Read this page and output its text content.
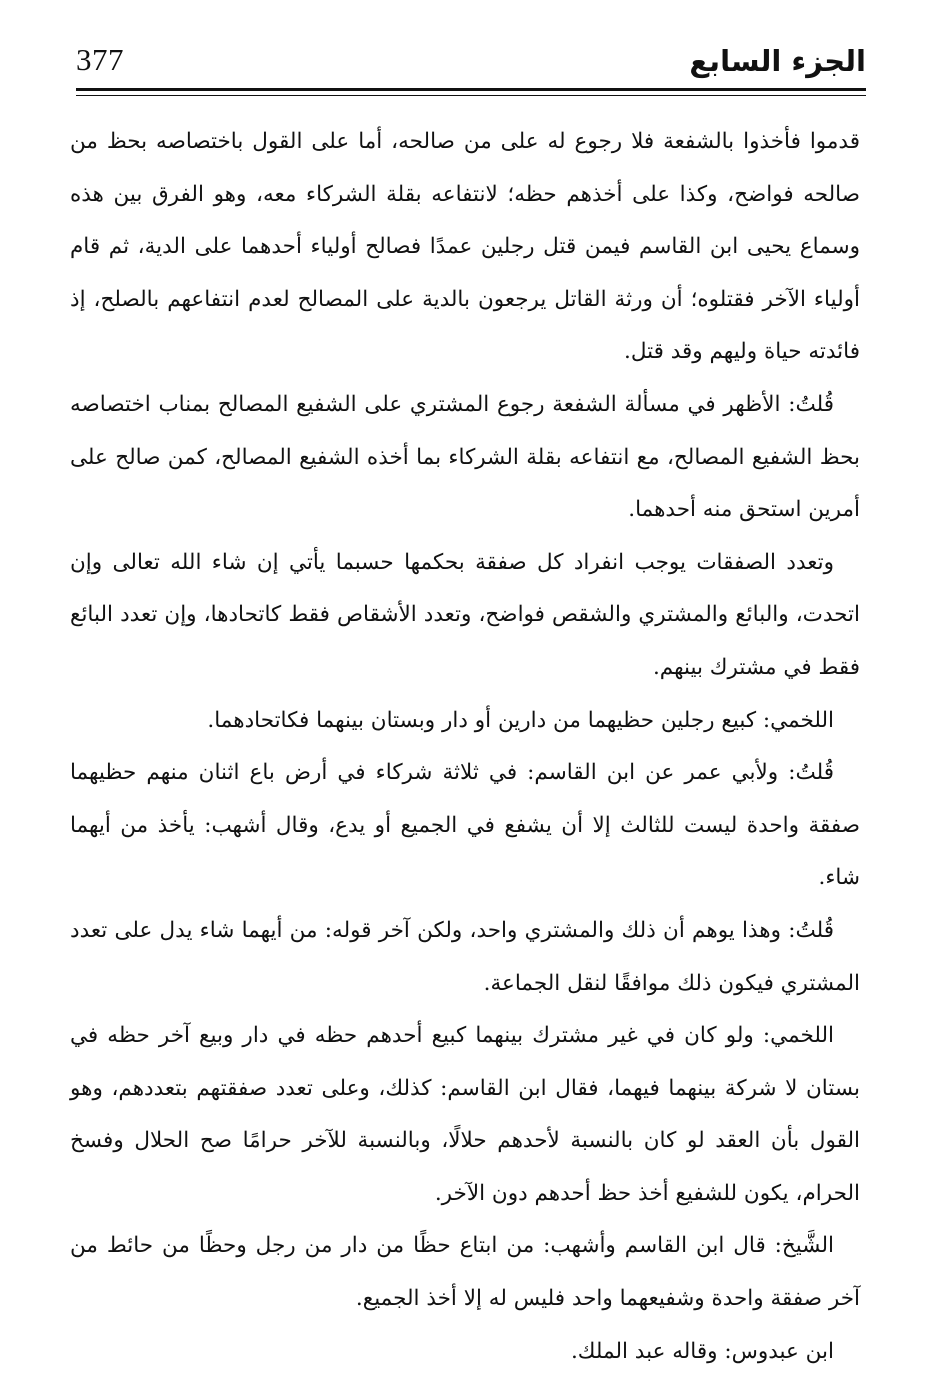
377	الجزء السابع

قدموا فأخذوا بالشفعة فلا رجوع له على من صالحه، أما على القول باختصاصه بحظ من صالحه فواضح، وكذا على أخذهم حظه؛ لانتفاعه بقلة الشركاء معه، وهو الفرق بين هذه وسماع يحيى ابن القاسم فيمن قتل رجلين عمدًا فصالح أولياء أحدهما على الدية، ثم قام أولياء الآخر فقتلوه؛ أن ورثة القاتل يرجعون بالدية على المصالح لعدم انتفاعهم بالصلح، إذ فائدته حياة وليهم وقد قتل.

قُلتُ: الأظهر في مسألة الشفعة رجوع المشتري على الشفيع المصالح بمناب اختصاصه بحظ الشفيع المصالح، مع انتفاعه بقلة الشركاء بما أخذه الشفيع المصالح، كمن صالح على أمرين استحق منه أحدهما.

وتعدد الصفقات يوجب انفراد كل صفقة بحكمها حسبما يأتي إن شاء الله تعالى وإن اتحدت، والبائع والمشتري والشقص فواضح، وتعدد الأشقاص فقط كاتحادها، وإن تعدد البائع فقط في مشترك بينهم.

اللخمي: كبيع رجلين حظيهما من دارين أو دار وبستان بينهما فكاتحادهما.

قُلتُ: ولأبي عمر عن ابن القاسم: في ثلاثة شركاء في أرض باع اثنان منهم حظيهما صفقة واحدة ليست للثالث إلا أن يشفع في الجميع أو يدع، وقال أشهب: يأخذ من أيهما شاء.

قُلتُ: وهذا يوهم أن ذلك والمشتري واحد، ولكن آخر قوله: من أيهما شاء يدل على تعدد المشتري فيكون ذلك موافقًا لنقل الجماعة.

اللخمي: ولو كان في غير مشترك بينهما كبيع أحدهم حظه في دار وبيع آخر حظه في بستان لا شركة بينهما فيهما، فقال ابن القاسم: كذلك، وعلى تعدد صفقتهم بتعددهم، وهو القول بأن العقد لو كان بالنسبة لأحدهم حلالًا، وبالنسبة للآخر حرامًا صح الحلال وفسخ الحرام، يكون للشفيع أخذ حظ أحدهم دون الآخر.

الشَّيخ: قال ابن القاسم وأشهب: من ابتاع حظًا من دار من رجل وحظًا من حائط من آخر صفقة واحدة وشفيعهما واحد فليس له إلا أخذ الجميع.

ابن عبدوس: وقاله عبد الملك.
